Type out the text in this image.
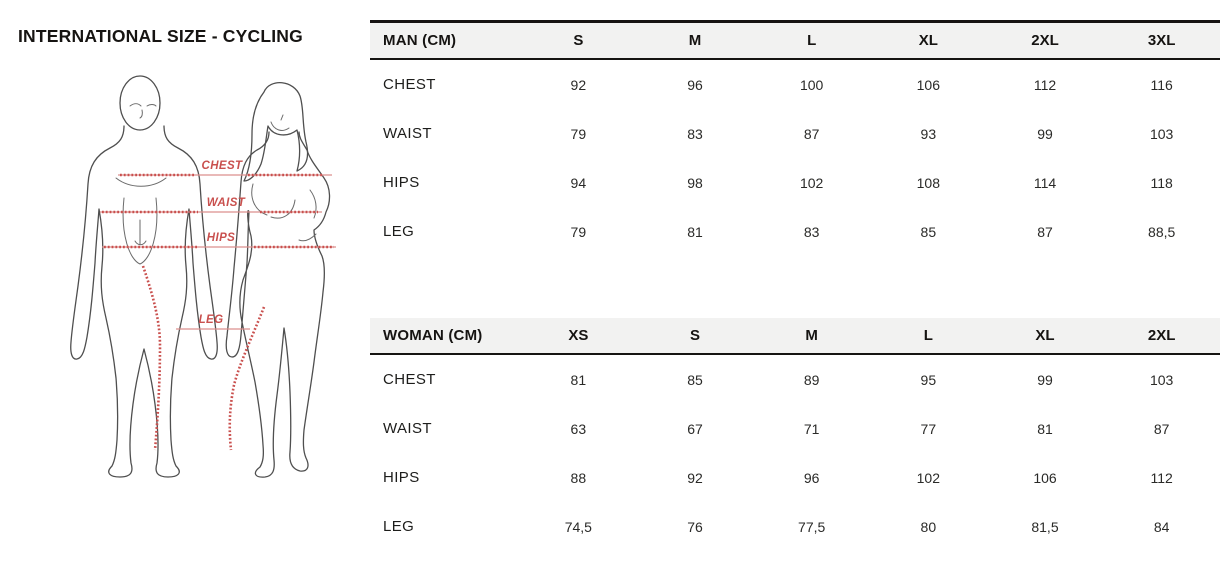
INTERNATIONAL SIZE - CYCLING
CHEST
WAIST
HIPS
LEG
MAN (CM)	S	M	L	XL	2XL	3XL
CHEST	92	96	100	106	112	116
WAIST	79	83	87	93	99	103
HIPS	94	98	102	108	114	118
LEG	79	81	83	85	87	88,5
WOMAN (CM)	XS	S	M	L	XL	2XL
CHEST	81	85	89	95	99	103
WAIST	63	67	71	77	81	87
HIPS	88	92	96	102	106	112
LEG	74,5	76	77,5	80	81,5	84
